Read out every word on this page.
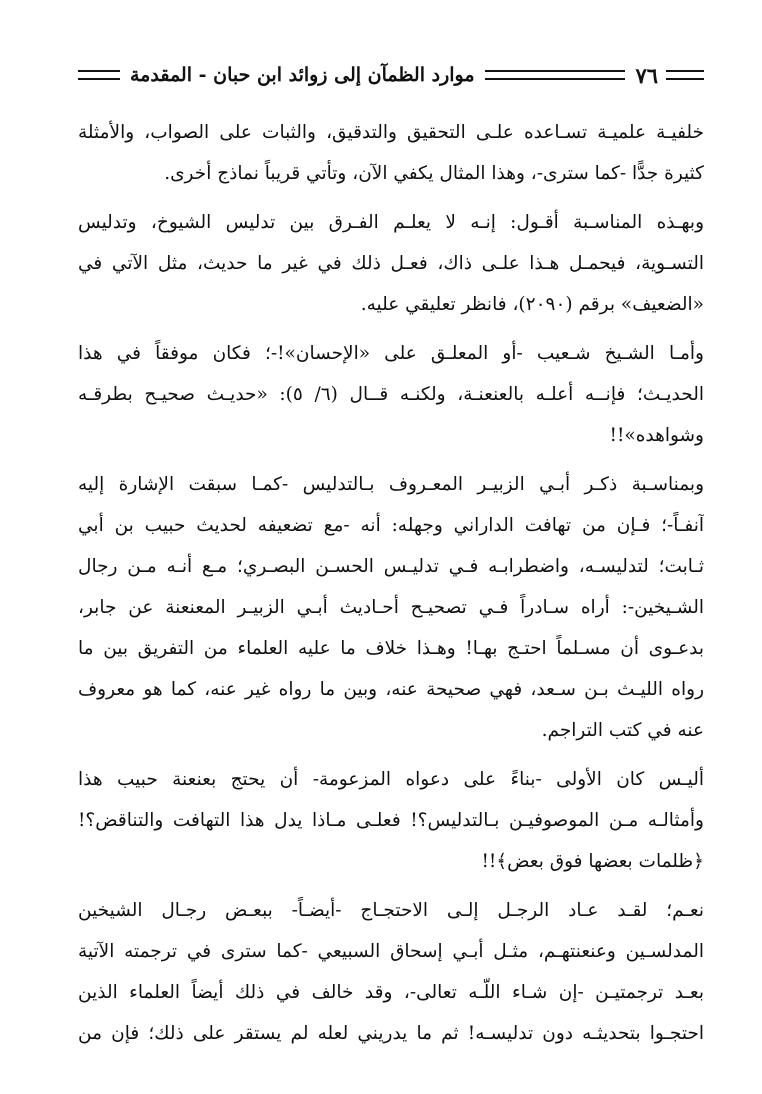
٧٦
موارد الظمآن إلى زوائد ابن حبان - المقدمة
خلفيـة علميـة تسـاعده علـى التحقيق والتدقيق، والثبات على الصواب، والأمثلة
كثيرة جدًّا -كما سترى-، وهذا المثال يكفي الآن، وتأتي قريباً نماذج أخرى.
وبهـذه المناسـبة أقـول: إنـه لا يعلـم الفـرق بين تدليس الشيوخ، وتدليس
التسـوية، فيحمـل هـذا علـى ذاك، فعـل ذلك في غير ما حديث، مثل الآتي في
«الضعيف» برقم (٢٠٩٠)، فانظر تعليقي عليه.
وأمـا الشـيخ شـعيب -أو المعلـق على «الإحسان»!-؛ فكان موفقاً في هذا
الحديـث؛ فإنــه أعلـه بالعنعنـة، ولكنـه قــال (٦/ ٥): «حديـث صحيـح بطرقـه
وشواهده»!!
وبمناسـبة ذكـر أبـي الزبيـر المعـروف بـالتدليس -كمـا سبقت الإشارة إليه
آنفـاً-؛ فـإن من تهافت الداراني وجهله: أنه -مع تضعيفه لحديث حبيب بن أبي
ثـابت؛ لتدليسـه، واضطرابـه فـي تدليـس الحسـن البصـري؛ مـع أنـه مـن رجال
الشـيخين-: أراه سـادراً فـي تصحيـح أحـاديث أبـي الزبيـر المعنعنة عن جابر،
بدعـوى أن مسـلماً احتـج بهـا! وهـذا خلاف ما عليه العلماء من التفريق بين ما
رواه الليـث بـن سـعد، فهي صحيحة عنه، وبين ما رواه غير عنه، كما هو معروف
عنه في كتب التراجم.
أليـس كان الأولى -بناءً على دعواه المزعومة- أن يحتج بعنعنة حبيب هذا
وأمثالـه مـن الموصوفيـن بـالتدليس؟! فعلـى مـاذا يدل هذا التهافت والتناقض؟!
﴿ظلمات بعضها فوق بعض﴾!!
نعـم؛ لقـد عـاد الرجـل إلـى الاحتجـاج -أيضـاً- ببعـض رجـال الشيخين
المدلسـين وعنعنتهـم، مثـل أبـي إسحاق السبيعي -كما سترى في ترجمته الآتية
بعـد ترجمتيـن -إن شـاء اللّـه تعالى-، وقد خالف في ذلك أيضاً العلماء الذين
احتجـوا بتحديثـه دون تدليسـه! ثم ما يدريني لعله لم يستقر على ذلك؛ فإن من
